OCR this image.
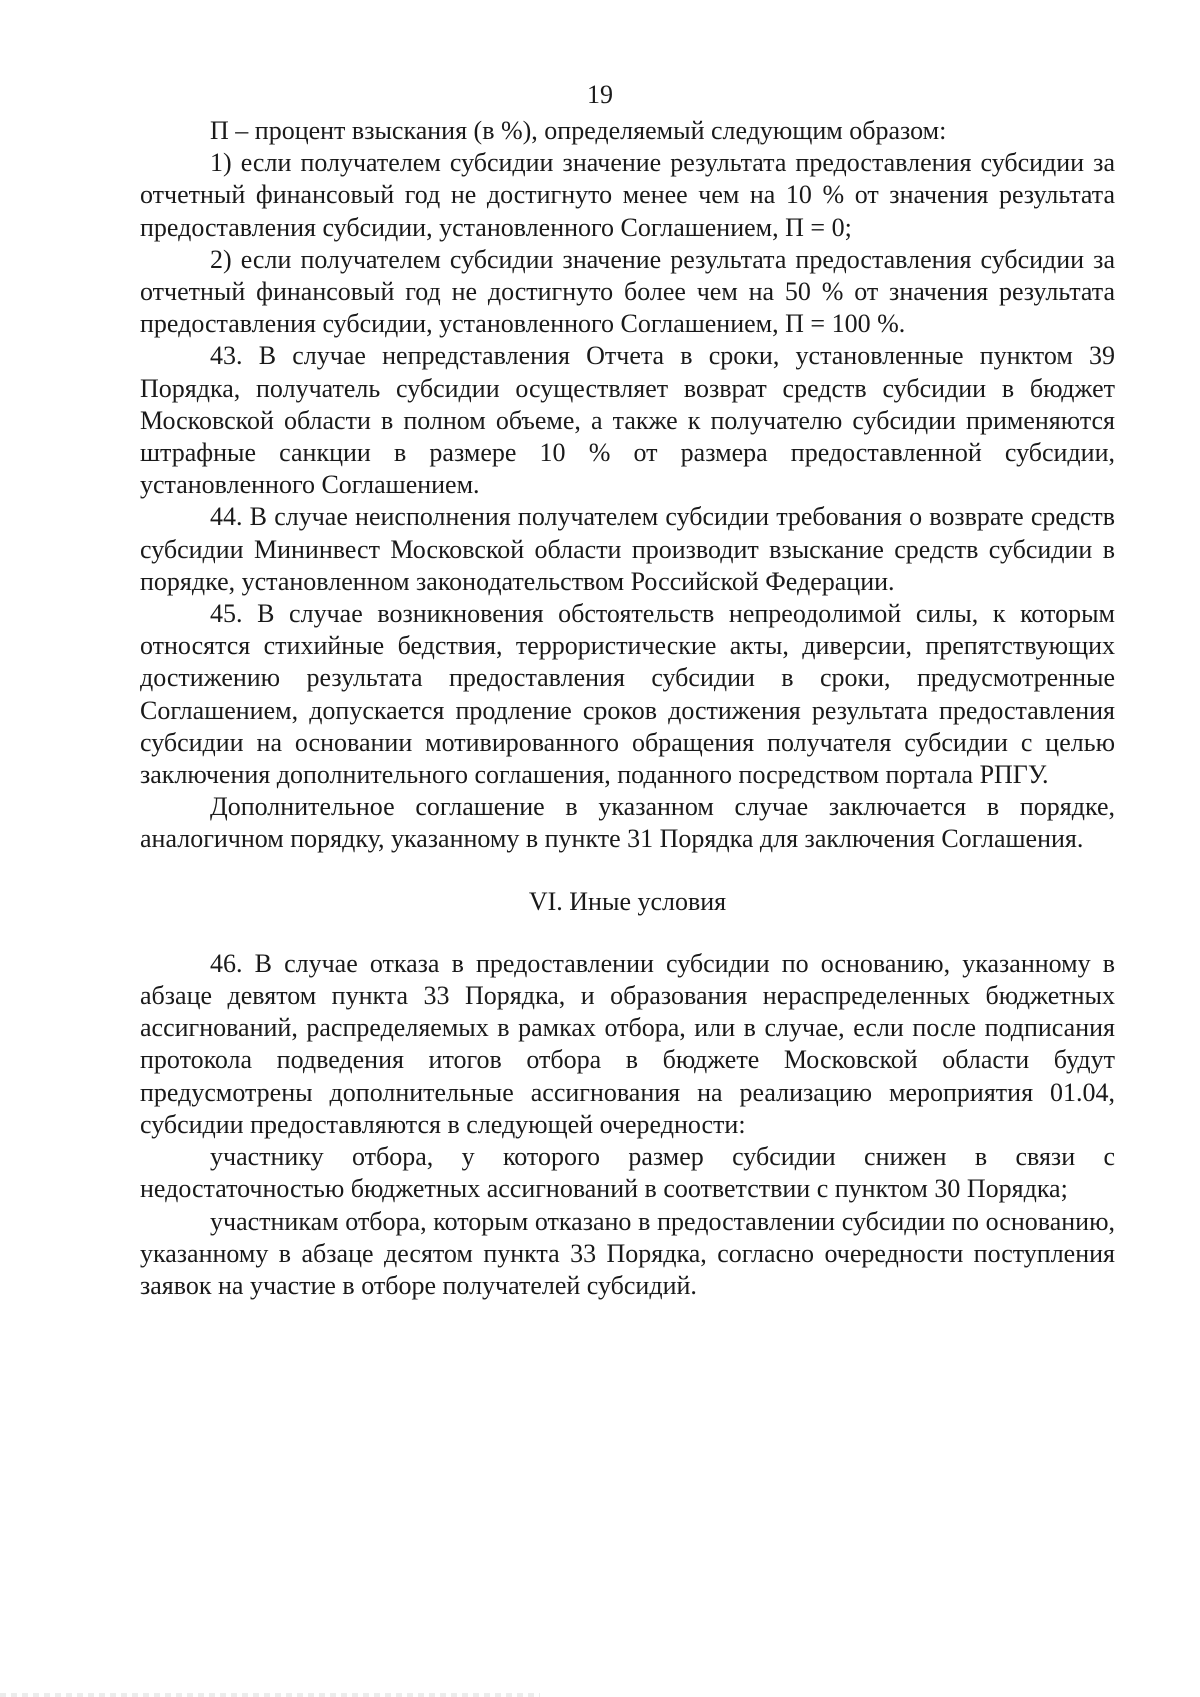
19

П – процент взыскания (в %), определяемый следующим образом:

1) если получателем субсидии значение результата предоставления субсидии за отчетный финансовый год не достигнуто менее чем на 10 % от значения результата предоставления субсидии, установленного Соглашением, П = 0;

2) если получателем субсидии значение результата предоставления субсидии за отчетный финансовый год не достигнуто более чем на 50 % от значения результата предоставления субсидии, установленного Соглашением, П = 100 %.

43. В случае непредставления Отчета в сроки, установленные пунктом 39 Порядка, получатель субсидии осуществляет возврат средств субсидии в бюджет Московской области в полном объеме, а также к получателю субсидии применяются штрафные санкции в размере 10 % от размера предоставленной субсидии, установленного Соглашением.

44. В случае неисполнения получателем субсидии требования о возврате средств субсидии Мининвест Московской области производит взыскание средств субсидии в порядке, установленном законодательством Российской Федерации.

45. В случае возникновения обстоятельств непреодолимой силы, к которым относятся стихийные бедствия, террористические акты, диверсии, препятствующих достижению результата предоставления субсидии в сроки, предусмотренные Соглашением, допускается продление сроков достижения результата предоставления субсидии на основании мотивированного обращения получателя субсидии с целью заключения дополнительного соглашения, поданного посредством портала РПГУ.

Дополнительное соглашение в указанном случае заключается в порядке, аналогичном порядку, указанному в пункте 31 Порядка для заключения Соглашения.

VI. Иные условия

46. В случае отказа в предоставлении субсидии по основанию, указанному в абзаце девятом пункта 33 Порядка, и образования нераспределенных бюджетных ассигнований, распределяемых в рамках отбора, или в случае, если после подписания протокола подведения итогов отбора в бюджете Московской области будут предусмотрены дополнительные ассигнования на реализацию мероприятия 01.04, субсидии предоставляются в следующей очередности:

участнику отбора, у которого размер субсидии снижен в связи с недостаточностью бюджетных ассигнований в соответствии с пунктом 30 Порядка;

участникам отбора, которым отказано в предоставлении субсидии по основанию, указанному в абзаце десятом пункта 33 Порядка, согласно очередности поступления заявок на участие в отборе получателей субсидий.
